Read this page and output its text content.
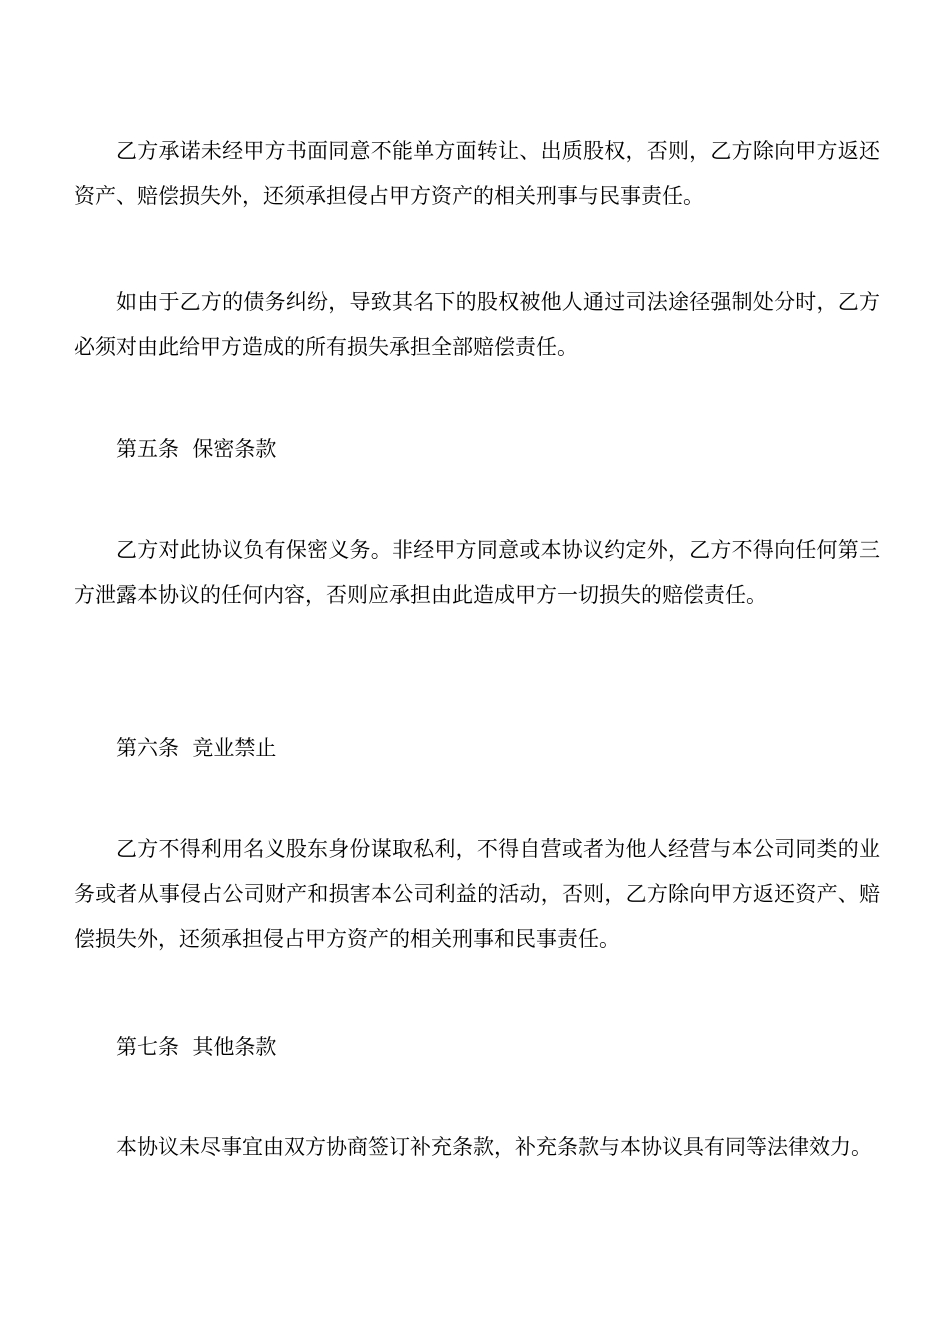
乙方承诺未经甲方书面同意不能单方面转让、出质股权，否则，乙方除向甲方返还资产、赔偿损失外，还须承担侵占甲方资产的相关刑事与民事责任。

如由于乙方的债务纠纷，导致其名下的股权被他人通过司法途径强制处分时，乙方必须对由此给甲方造成的所有损失承担全部赔偿责任。

第五条  保密条款

乙方对此协议负有保密义务。非经甲方同意或本协议约定外，乙方不得向任何第三方泄露本协议的任何内容，否则应承担由此造成甲方一切损失的赔偿责任。

第六条  竞业禁止

乙方不得利用名义股东身份谋取私利，不得自营或者为他人经营与本公司同类的业务或者从事侵占公司财产和损害本公司利益的活动，否则，乙方除向甲方返还资产、赔偿损失外，还须承担侵占甲方资产的相关刑事和民事责任。

第七条  其他条款

本协议未尽事宜由双方协商签订补充条款，补充条款与本协议具有同等法律效力。
